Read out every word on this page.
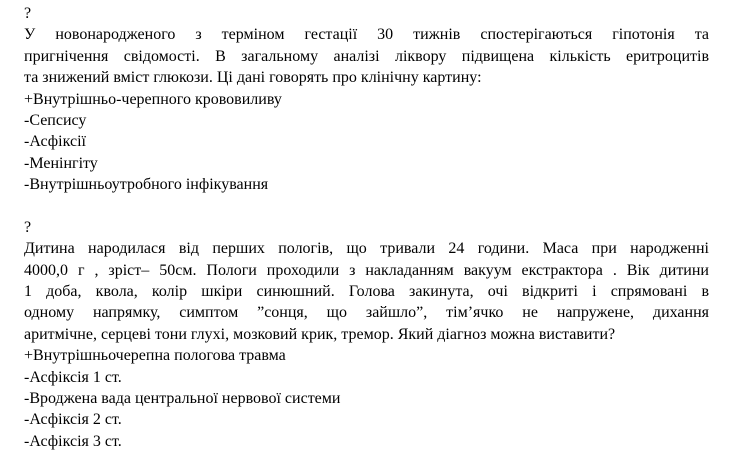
?
У новонародженого з терміном гестації 30 тижнів спостерігаються гіпотонія та
пригнічення свідомості. В загальному аналізі ліквору підвищена кількість еритроцитів
та знижений вміст глюкози. Ці дані говорять про клінічну картину:
+Внутрішньо-черепного крововиливу
-Сепсису
-Асфіксії
-Менінгіту
-Внутрішньоутробного інфікування
?
Дитина народилася від перших пологів, що тривали 24 години. Маса при народженні
4000,0 г , зріст– 50см. Пологи проходили з накладанням вакуум екстрактора . Вік дитини
1 доба, квола, колір шкіри синюшний. Голова закинута, очі відкриті і спрямовані в
одному напрямку, симптом ”сонця, що зайшло”, тім’ячко не напружене, дихання
аритмічне, серцеві тони глухі, мозковий крик, тремор. Який діагноз можна виставити?
+Внутрішньочерепна пологова травма
-Асфіксія 1 ст.
-Вроджена вада центральної нервової системи
-Асфіксія 2 ст.
-Асфіксія 3 ст.
